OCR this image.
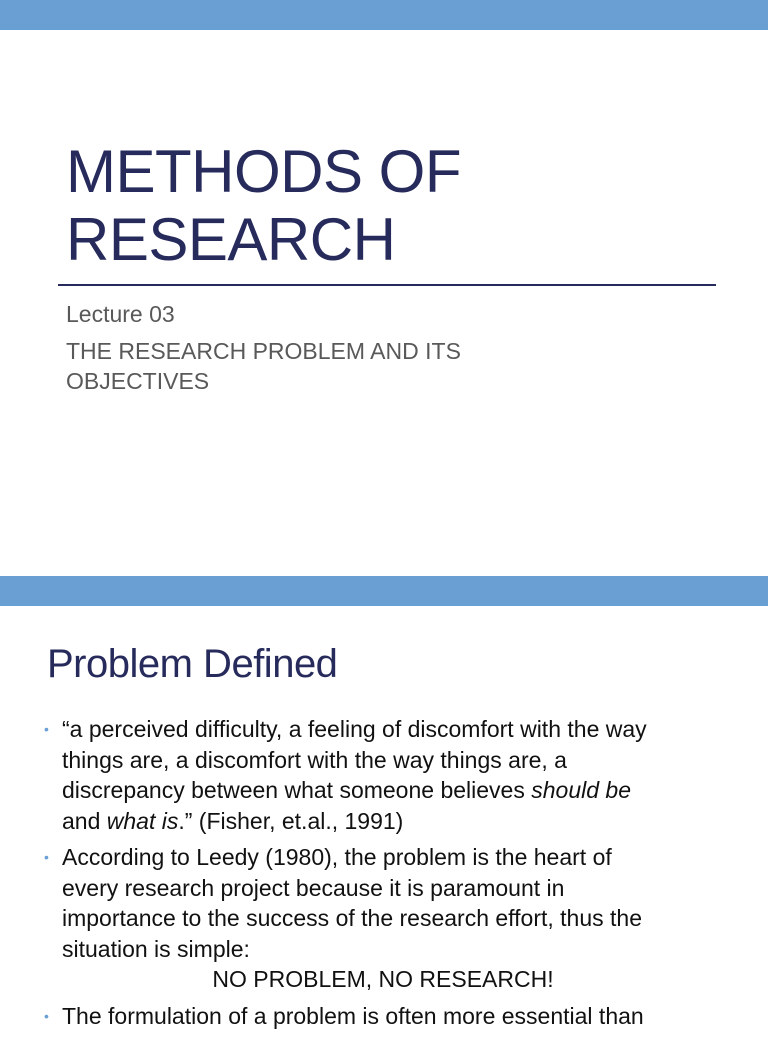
METHODS OF
RESEARCH
Lecture 03
THE RESEARCH PROBLEM AND ITS
OBJECTIVES
Problem Defined
• “a perceived difficulty, a feeling of discomfort with the way
things are, a discomfort with the way things are, a
discrepancy between what someone believes should be
and what is.” (Fisher, et.al., 1991)
• According to Leedy (1980), the problem is the heart of
every research project because it is paramount in
importance to the success of the research effort, thus the
situation is simple:
NO PROBLEM, NO RESEARCH!
• The formulation of a problem is often more essential than
